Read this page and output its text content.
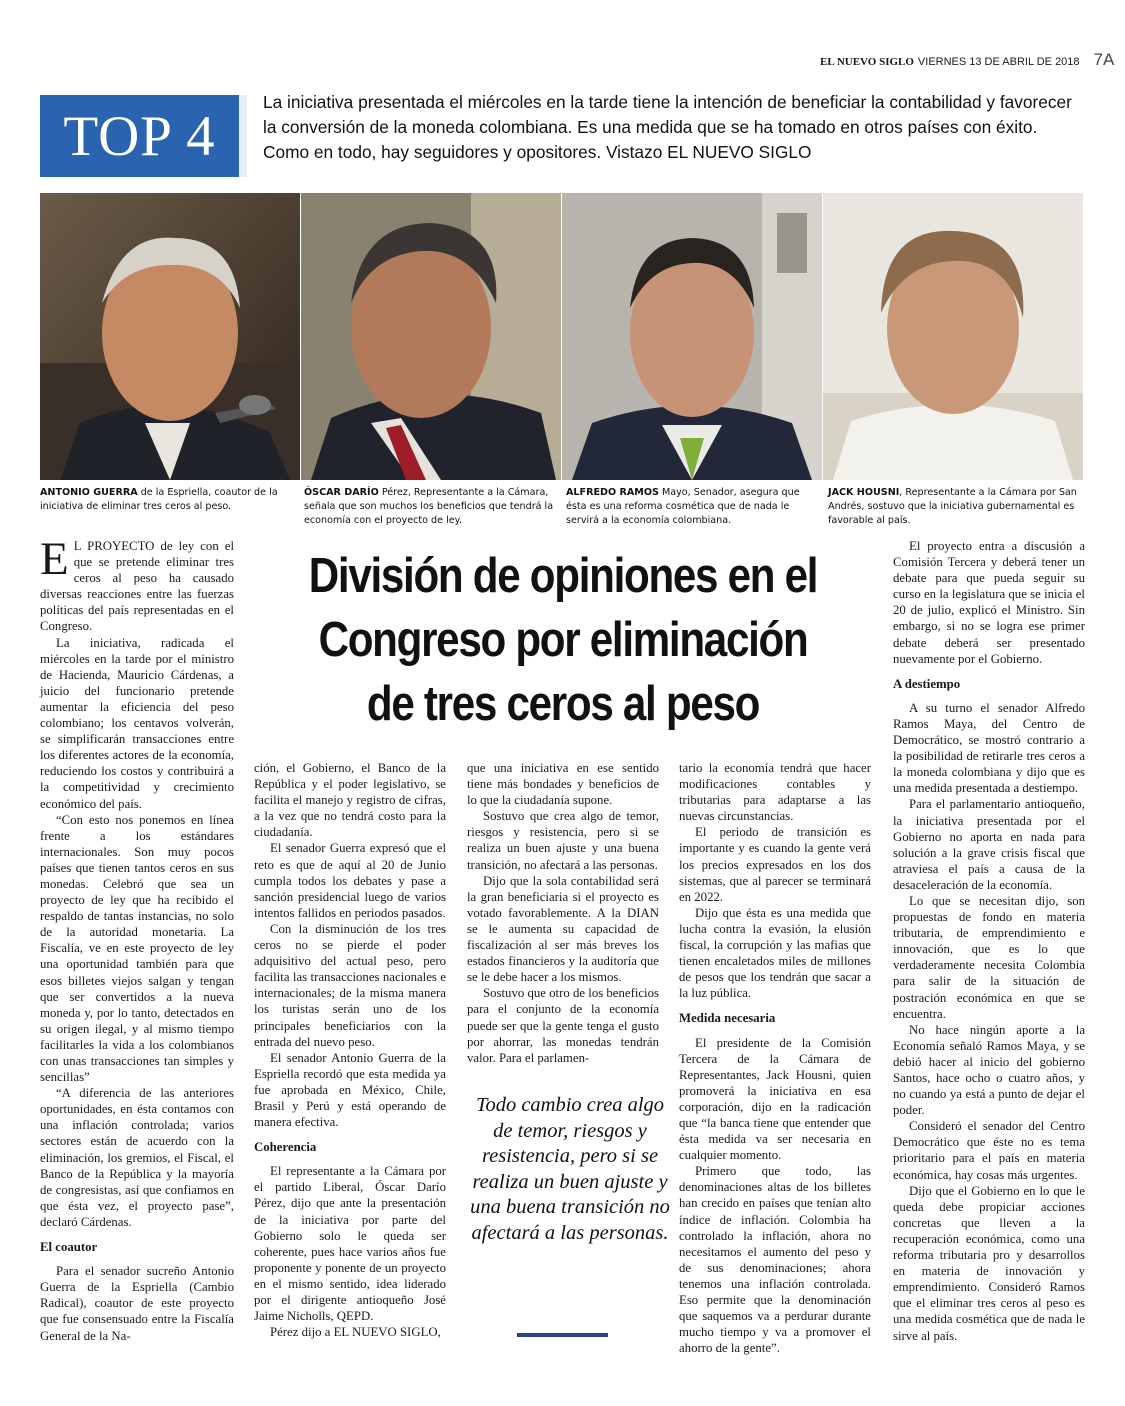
EL NUEVO SIGLO VIERNES 13 DE ABRIL DE 2018 7A
TOP 4
La iniciativa presentada el miércoles en la tarde tiene la intención de beneficiar la contabilidad y favorecer la conversión de la moneda colombiana. Es una medida que se ha tomado en otros países con éxito. Como en todo, hay seguidores y opositores. Vistazo EL NUEVO SIGLO
ANTONIO GUERRA de la Espriella, coautor de la iniciativa de eliminar tres ceros al peso.
ÓSCAR DARÍO Pérez, Representante a la Cámara, señala que son muchos los beneficios que tendrá la economía con el proyecto de ley.
ALFREDO RAMOS Mayo, Senador, asegura que ésta es una reforma cosmética que de nada le servirá a la economía colombiana.
JACK HOUSNI, Representante a la Cámara por San Andrés, sostuvo que la iniciativa gubernamental es favorable al país.
División de opiniones en el Congreso por eliminación de tres ceros al peso

E L PROYECTO de ley con el que se pretende eliminar tres ceros al peso ha causado diversas reacciones entre las fuerzas políticas del país representadas en el Congreso.

La iniciativa, radicada el miércoles en la tarde por el ministro de Hacienda, Mauricio Cárdenas, a juicio del funcionario pretende aumentar la eficiencia del peso colombiano; los centavos volverán, se simplificarán transacciones entre los diferentes actores de la economía, reduciendo los costos y contribuirá a la competitividad y crecimiento económico del país.

“Con esto nos ponemos en línea frente a los estándares internacionales. Son muy pocos países que tienen tantos ceros en sus monedas. Celebró que sea un proyecto de ley que ha recibido el respaldo de tantas instancias, no solo de la autoridad monetaria. La Fiscalía, ve en este proyecto de ley una oportunidad también para que esos billetes viejos salgan y tengan que ser convertidos a la nueva moneda y, por lo tanto, detectados en su origen ilegal, y al mismo tiempo facilitarles la vida a los colombianos con unas transacciones tan simples y sencillas”

“A diferencia de las anteriores oportunidades, en ésta contamos con una inflación controlada; varios sectores están de acuerdo con la eliminación, los gremios, el Fiscal, el Banco de la República y la mayoría de congresistas, así que confiamos en que ésta vez, el proyecto pase”, declaró Cárdenas.

El coautor

Para el senador sucreño Antonio Guerra de la Espriella (Cambio Radical), coautor de este proyecto que fue consensuado entre la Fiscalía General de la Na-

ción, el Gobierno, el Banco de la República y el poder legislativo, se facilita el manejo y registro de cifras, a la vez que no tendrá costo para la ciudadanía.

El senador Guerra expresó que el reto es que de aquí al 20 de Junio cumpla todos los debates y pase a sanción presidencial luego de varios intentos fallidos en periodos pasados.

Con la disminución de los tres ceros no se pierde el poder adquisitivo del actual peso, pero facilita las transacciones nacionales e internacionales; de la misma manera los turistas serán uno de los principales beneficiarios con la entrada del nuevo peso.

El senador Antonio Guerra de la Espriella recordó que esta medida ya fue aprobada en México, Chile, Brasil y Perú y está operando de manera efectiva.

Coherencia

El representante a la Cámara por el partido Liberal, Óscar Darío Pérez, dijo que ante la presentación de la iniciativa por parte del Gobierno solo le queda ser coherente, pues hace varios años fue proponente y ponente de un proyecto en el mismo sentido, idea liderado por el dirigente antioqueño José Jaime Nicholls, QEPD.

Pérez dijo a EL NUEVO SIGLO,

que una iniciativa en ese sentido tiene más bondades y beneficios de lo que la ciudadanía supone.

Sostuvo que crea algo de temor, riesgos y resistencia, pero si se realiza un buen ajuste y una buena transición, no afectará a las personas.

Dijo que la sola contabilidad será la gran beneficiaria si el proyecto es votado favorablemente. A la DIAN se le aumenta su capacidad de fiscalización al ser más breves los estados financieros y la auditoría que se le debe hacer a los mismos.

Sostuvo que otro de los beneficios para el conjunto de la economía puede ser que la gente tenga el gusto por ahorrar, las monedas tendrán valor. Para el parlamen-

Todo cambio crea algo de temor, riesgos y resistencia, pero si se realiza un buen ajuste y una buena transición no afectará a las personas.

tario la economía tendrá que hacer modificaciones contables y tributarias para adaptarse a las nuevas circunstancias.

El periodo de transición es importante y es cuando la gente verá los precios expresados en los dos sistemas, que al parecer se terminará en 2022.

Dijo que ésta es una medida que lucha contra la evasión, la elusión fiscal, la corrupción y las mafias que tienen encaletados miles de millones de pesos que los tendrán que sacar a la luz pública.

Medida necesaria

El presidente de la Comisión Tercera de la Cámara de Representantes, Jack Housni, quien promoverá la iniciativa en esa corporación, dijo en la radicación que “la banca tiene que entender que ésta medida va ser necesaria en cualquier momento.

Primero que todo, las denominaciones altas de los billetes han crecido en países que tenían alto índice de inflación. Colombia ha controlado la inflación, ahora no necesitamos el aumento del peso y de sus denominaciones; ahora tenemos una inflación controlada. Eso permite que la denominación que saquemos va a perdurar durante mucho tiempo y va a promover el ahorro de la gente”.

El proyecto entra a discusión a Comisión Tercera y deberá tener un debate para que pueda seguir su curso en la legislatura que se inicia el 20 de julio, explicó el Ministro. Sin embargo, si no se logra ese primer debate deberá ser presentado nuevamente por el Gobierno.

A destiempo

A su turno el senador Alfredo Ramos Maya, del Centro de Democrático, se mostró contrario a la posibilidad de retirarle tres ceros a la moneda colombiana y dijo que es una medida presentada a destiempo.

Para el parlamentario antioqueño, la iniciativa presentada por el Gobierno no aporta en nada para solución a la grave crisis fiscal que atraviesa el país a causa de la desaceleración de la economía.

Lo que se necesitan dijo, son propuestas de fondo en materia tributaria, de emprendimiento e innovación, que es lo que verdaderamente necesita Colombia para salir de la situación de postración económica en que se encuentra.

No hace ningún aporte a la Economía señaló Ramos Maya, y se debió hacer al inicio del gobierno Santos, hace ocho o cuatro años, y no cuando ya está a punto de dejar el poder.

Consideró el senador del Centro Democrático que éste no es tema prioritario para el país en materia económica, hay cosas más urgentes.

Dijo que el Gobierno en lo que le queda debe propiciar acciones concretas que lleven a la recuperación económica, como una reforma tributaria pro y desarrollos en materia de innovación y emprendimiento. Consideró Ramos que el eliminar tres ceros al peso es una medida cosmética que de nada le sirve al país.
